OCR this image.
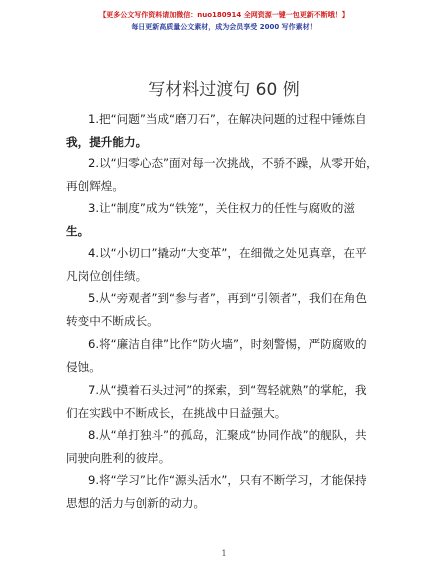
【更多公文写作资料请加微信：nuo180914 全网资源一键一包更新不断哦！】
每日更新高质量公文素材，成为会员享受 2000 写作素材！
写材料过渡句 60 例
1.把“问题”当成“磨刀石”，在解决问题的过程中锤炼自
我，提升能力。
2.以“归零心态”面对每一次挑战，不骄不躁，从零开始，
再创辉煌。
3.让“制度”成为“铁笼”，关住权力的任性与腐败的滋
生。
4.以“小切口”撬动“大变革”，在细微之处见真章，在平
凡岗位创佳绩。
5.从“旁观者”到“参与者”，再到“引领者”，我们在角色
转变中不断成长。
6.将“廉洁自律”比作“防火墙”，时刻警惕，严防腐败的
侵蚀。
7.从“摸着石头过河”的探索，到“驾轻就熟”的掌舵，我
们在实践中不断成长，在挑战中日益强大。
8.从“单打独斗”的孤岛，汇聚成“协同作战”的舰队，共
同驶向胜利的彼岸。
9.将“学习”比作“源头活水”，只有不断学习，才能保持
思想的活力与创新的动力。
1
